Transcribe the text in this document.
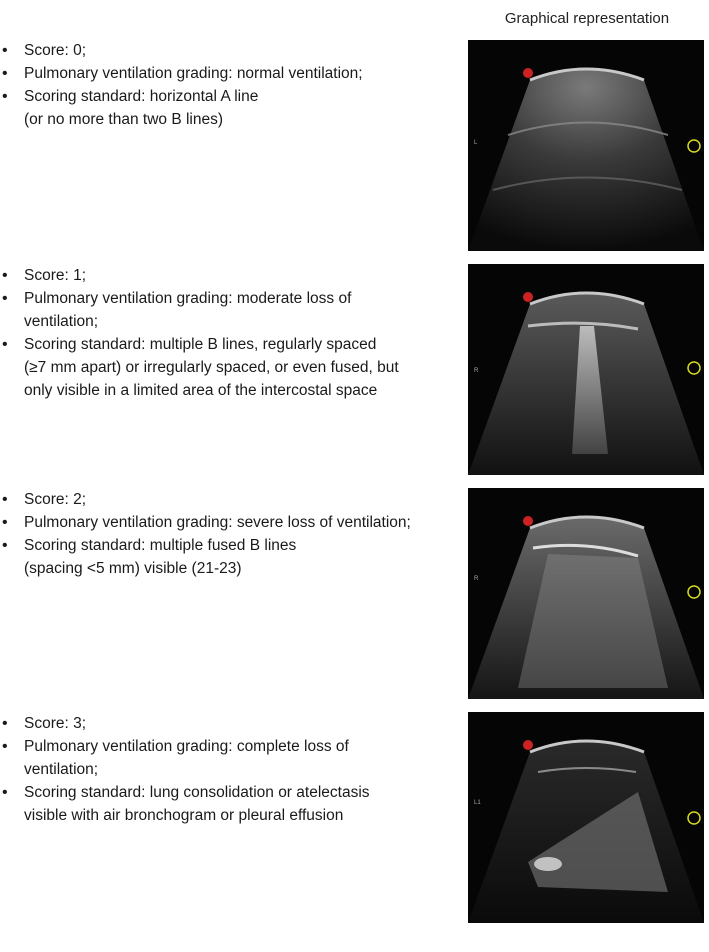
Graphical representation
• Score: 0;
• Pulmonary ventilation grading: normal ventilation;
• Scoring standard: horizontal A line
(or no more than two B lines)
• Score: 1;
• Pulmonary ventilation grading: moderate loss of
ventilation;
• Scoring standard: multiple B lines, regularly spaced
(≥7 mm apart) or irregularly spaced, or even fused, but
only visible in a limited area of the intercostal space
• Score: 2;
• Pulmonary ventilation grading: severe loss of ventilation;
• Scoring standard: multiple fused B lines
(spacing <5 mm) visible (21-23)
• Score: 3;
• Pulmonary ventilation grading: complete loss of
ventilation;
• Scoring standard: lung consolidation or atelectasis
visible with air bronchogram or pleural effusion
L
R
R
L1
